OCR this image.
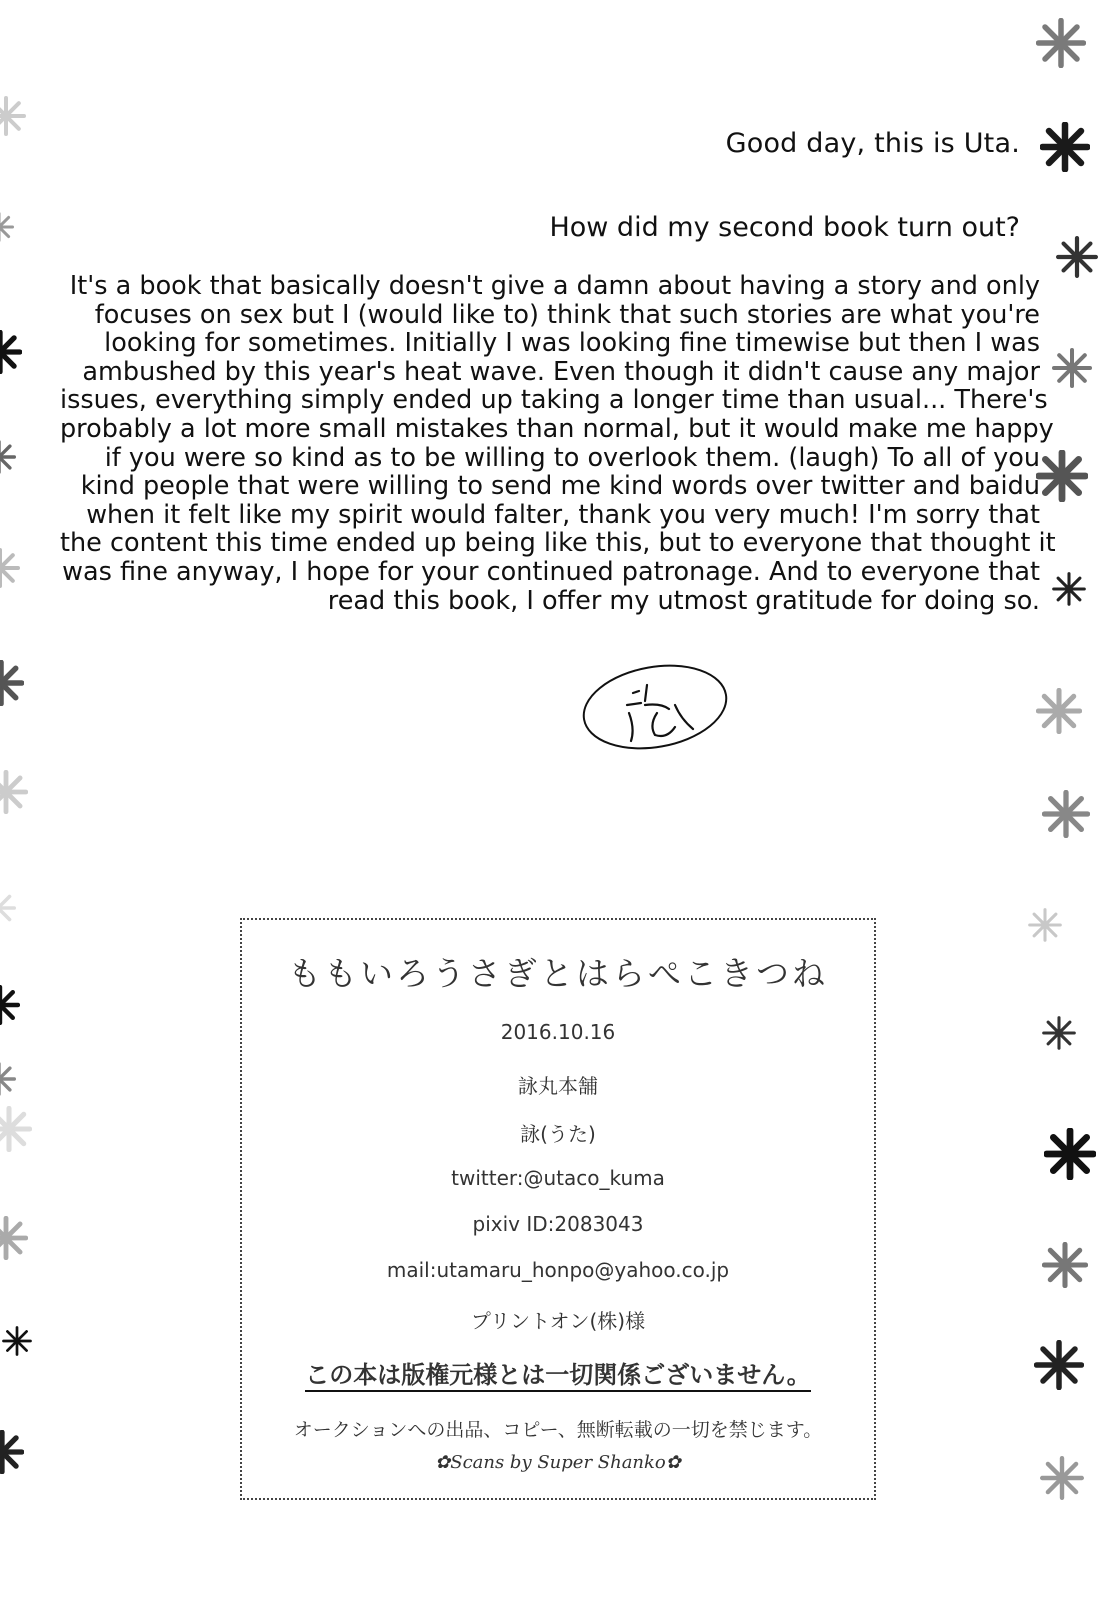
Good day, this is Uta.
How did my second book turn out?
It's a book that basically doesn't give a damn about having a story and only
focuses on sex but I (would like to) think that such stories are what you're
looking for sometimes. Initially I was looking fine timewise but then I was
ambushed by this year's heat wave. Even though it didn't cause any major
issues, everything simply ended up taking a longer time than usual... There's
probably a lot more small mistakes than normal, but it would make me happy
if you were so kind as to be willing to overlook them. (laugh) To all of you
kind people that were willing to send me kind words over twitter and baidu
when it felt like my spirit would falter, thank you very much! I'm sorry that
the content this time ended up being like this, but to everyone that thought it
was fine anyway, I hope for your continued patronage. And to everyone that
read this book, I offer my utmost gratitude for doing so.
ももいろうさぎとはらぺこきつね
2016.10.16
詠丸本舗
詠(うた)
twitter:@utaco_kuma
pixiv ID:2083043
mail:utamaru_honpo@yahoo.co.jp
プリントオン(株)様
この本は版権元様とは一切関係ございません。
オークションへの出品、コピー、無断転載の一切を禁じます。
✿Scans by Super Shanko✿
